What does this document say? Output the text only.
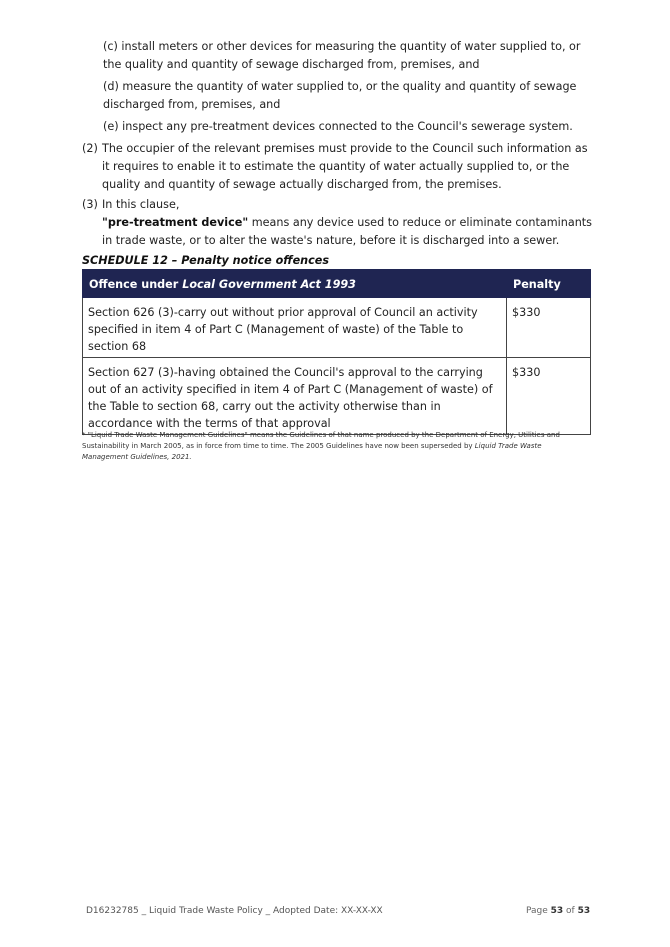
(c) install meters or other devices for measuring the quantity of water supplied to, or the quality and quantity of sewage discharged from, premises, and
(d) measure the quantity of water supplied to, or the quality and quantity of sewage discharged from, premises, and
(e) inspect any pre-treatment devices connected to the Council's sewerage system.
(2) The occupier of the relevant premises must provide to the Council such information as it requires to enable it to estimate the quantity of water actually supplied to, or the quality and quantity of sewage actually discharged from, the premises.
(3) In this clause,
"pre-treatment device" means any device used to reduce or eliminate contaminants in trade waste, or to alter the waste's nature, before it is discharged into a sewer.
SCHEDULE 12 – Penalty notice offences
Offence under Local Government Act 1993	Penalty
Section 626 (3)-carry out without prior approval of Council an activity specified in item 4 of Part C (Management of waste) of the Table to section 68	$330
Section 627 (3)-having obtained the Council's approval to the carrying out of an activity specified in item 4 of Part C (Management of waste) of the Table to section 68, carry out the activity otherwise than in accordance with the terms of that approval	$330
* "Liquid Trade Waste Management Guidelines" means the Guidelines of that name produced by the Department of Energy, Utilities and Sustainability in March 2005, as in force from time to time. The 2005 Guidelines have now been superseded by Liquid Trade Waste Management Guidelines, 2021.
D16232785 _ Liquid Trade Waste Policy _ Adopted Date: XX-XX-XX	Page 53 of 53
